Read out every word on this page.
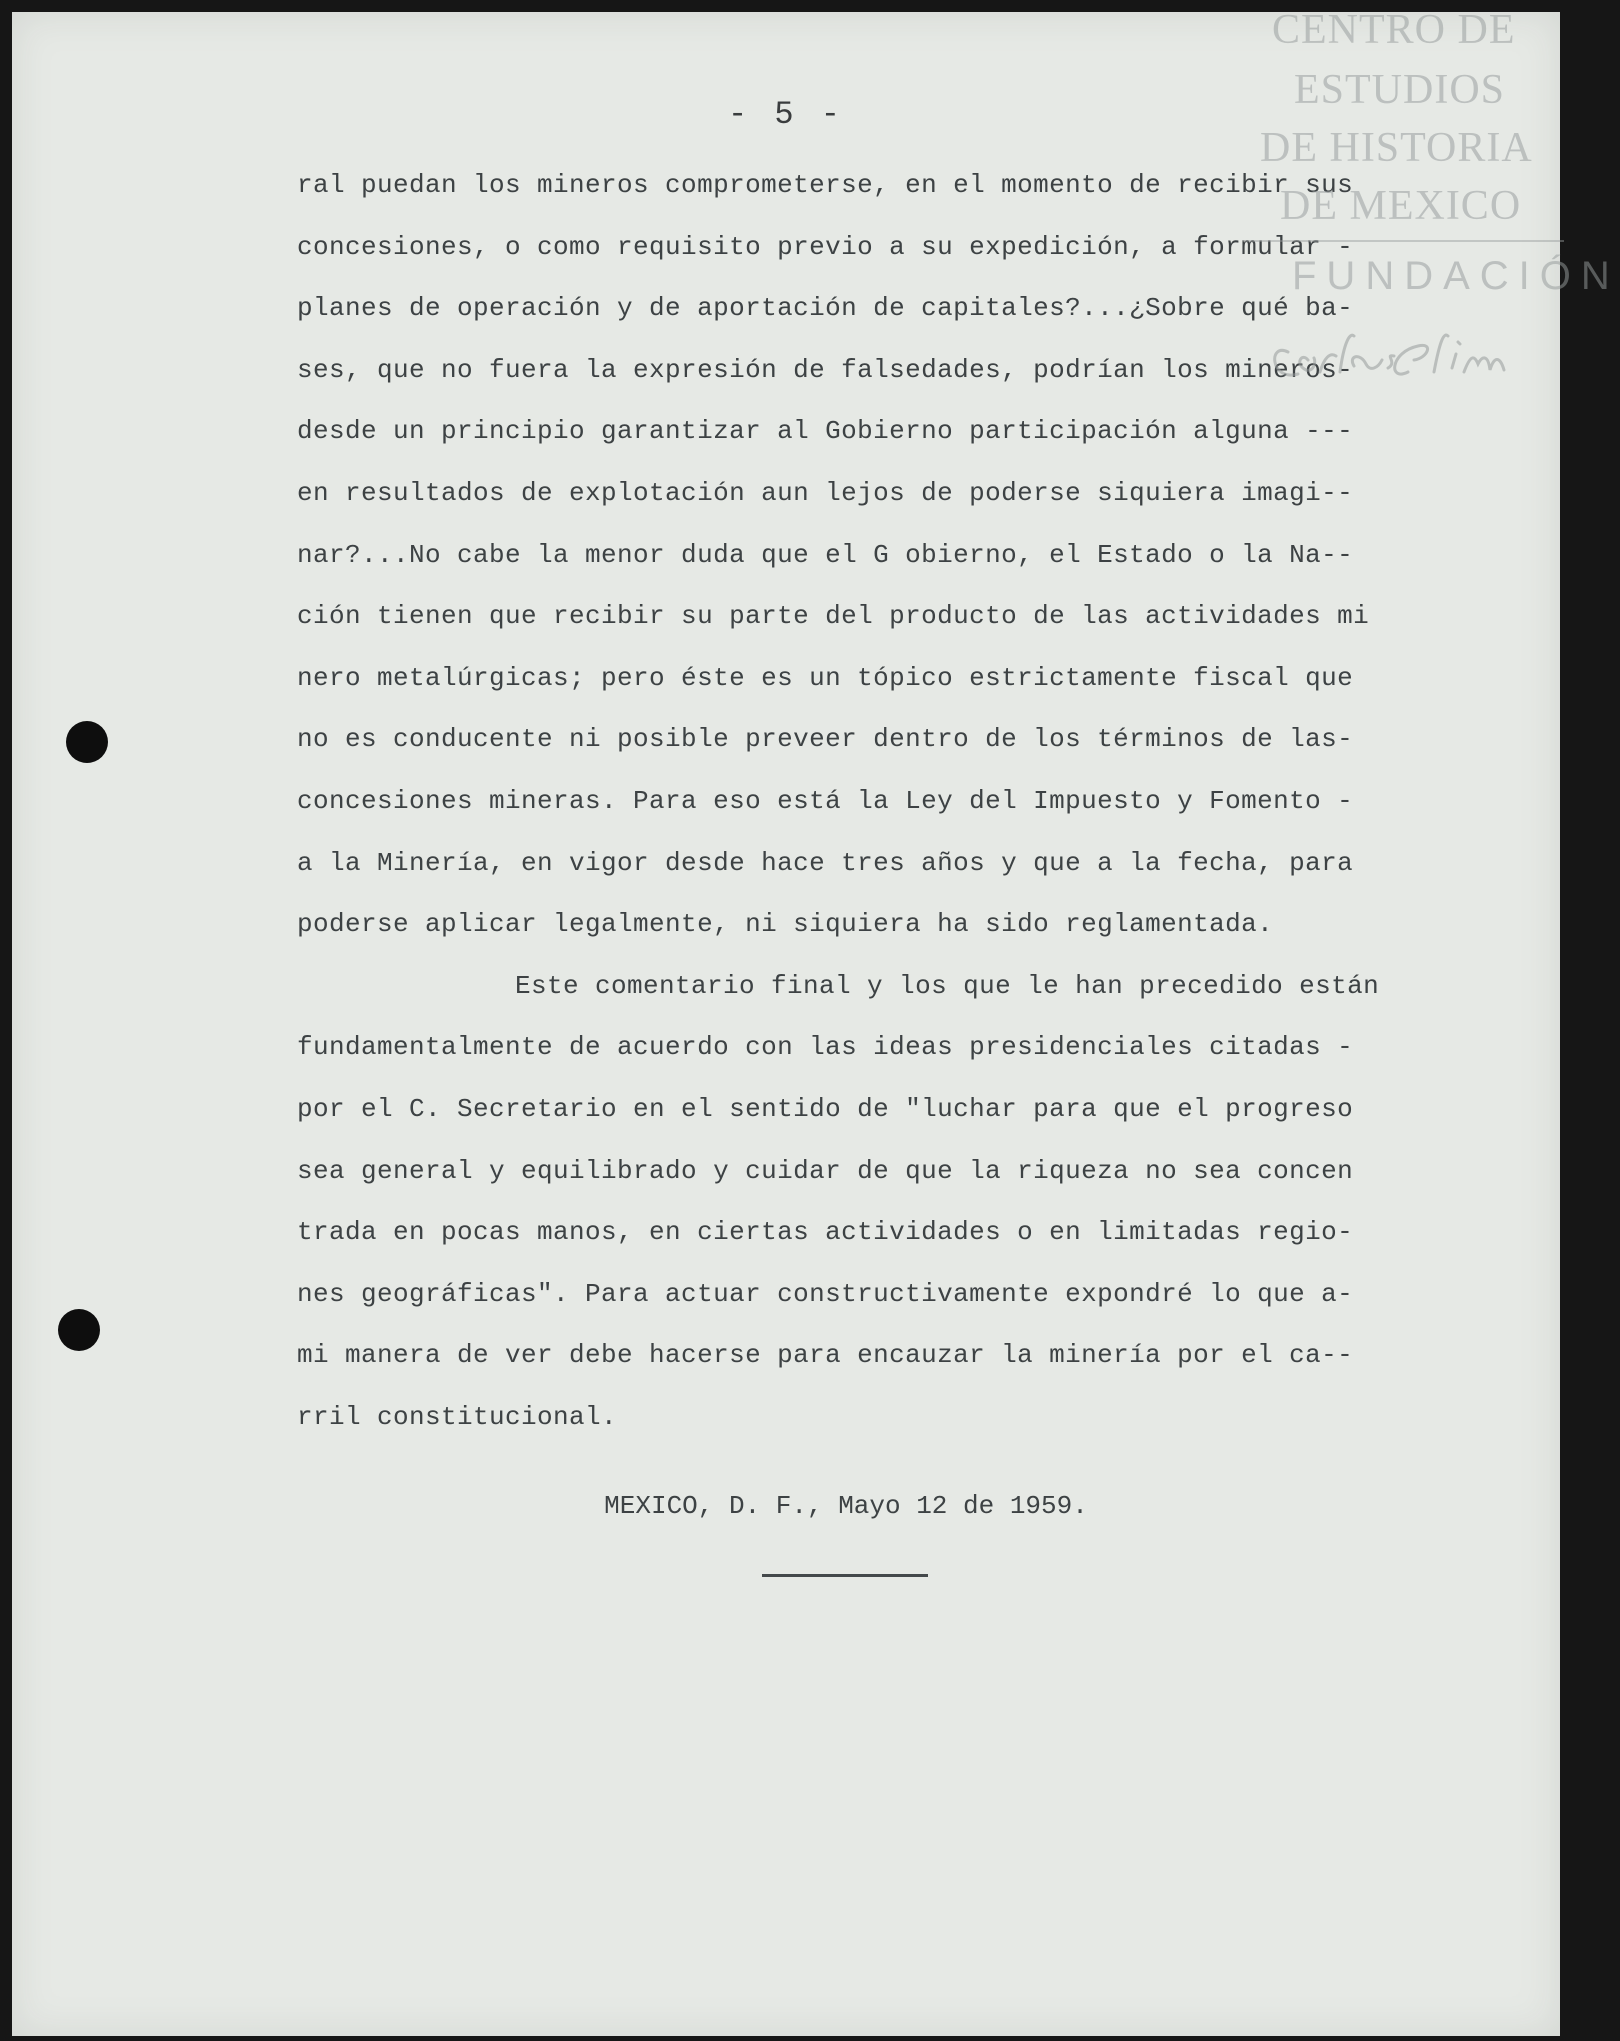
- 5 -
ral puedan los mineros comprometerse, en el momento de recibir sus
concesiones, o como requisito previo a su expedición, a formular -
planes de operación y de aportación de capitales?...¿Sobre qué ba-
ses, que no fuera la expresión de falsedades, podrían los mineros-
desde un principio garantizar al Gobierno participación alguna ---
en resultados de explotación aun lejos de poderse siquiera imagi--
nar?...No cabe la menor duda que el G obierno, el Estado o la Na--
ción tienen que recibir su parte del producto de las actividades mi
nero metalúrgicas; pero éste es un tópico estrictamente fiscal que
no es conducente ni posible preveer dentro de los términos de las-
concesiones mineras. Para eso está la Ley del Impuesto y Fomento -
a la Minería, en vigor desde hace tres años y que a la fecha, para
poderse aplicar legalmente, ni siquiera ha sido reglamentada.
Este comentario final y los que le han precedido están
fundamentalmente de acuerdo con las ideas presidenciales citadas -
por el C. Secretario en el sentido de "luchar para que el progreso
sea general y equilibrado y cuidar de que la riqueza no sea concen
trada en pocas manos, en ciertas actividades o en limitadas regio-
nes geográficas". Para actuar constructivamente expondré lo que a-
mi manera de ver debe hacerse para encauzar la minería por el ca--
rril constitucional.
MEXICO, D. F., Mayo 12 de 1959.
CENTRO DE
ESTUDIOS
DE HISTORIA
DE MEXICO
FUNDACIÓN
